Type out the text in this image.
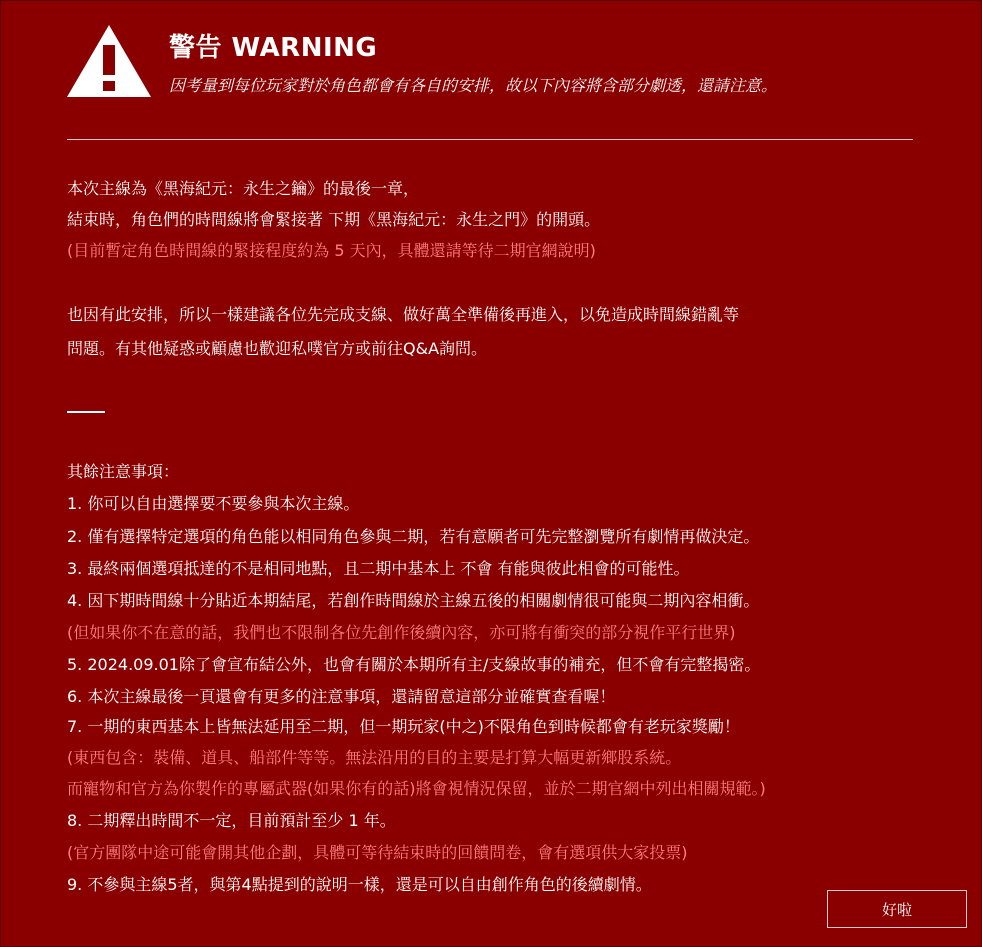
警告 WARNING
因考量到每位玩家對於角色都會有各自的安排，故以下內容將含部分劇透，還請注意。
本次主線為《黑海紀元：永生之鑰》的最後一章，
結束時，角色們的時間線將會緊接著 下期《黑海紀元：永生之門》的開頭。
(目前暫定角色時間線的緊接程度約為 5 天內，具體還請等待二期官網說明)
也因有此安排，所以一樣建議各位先完成支線、做好萬全準備後再進入，以免造成時間線錯亂等
問題。有其他疑惑或顧慮也歡迎私噗官方或前往Q&A詢問。
其餘注意事項：
1. 你可以自由選擇要不要參與本次主線。
2. 僅有選擇特定選項的角色能以相同角色參與二期，若有意願者可先完整瀏覽所有劇情再做決定。
3. 最終兩個選項抵達的不是相同地點，且二期中基本上 不會 有能與彼此相會的可能性。
4. 因下期時間線十分貼近本期結尾，若創作時間線於主線五後的相關劇情很可能與二期內容相衝。
(但如果你不在意的話，我們也不限制各位先創作後續內容，亦可將有衝突的部分視作平行世界)
5. 2024.09.01除了會宣布結公外，也會有關於本期所有主/支線故事的補充，但不會有完整揭密。
6. 本次主線最後一頁還會有更多的注意事項，還請留意這部分並確實查看喔！
7. 一期的東西基本上皆無法延用至二期，但一期玩家(中之)不限角色到時候都會有老玩家獎勵！
(東西包含：裝備、道具、船部件等等。無法沿用的目的主要是打算大幅更新鄉股系統。
而寵物和官方為你製作的專屬武器(如果你有的話)將會視情況保留，並於二期官網中列出相關規範。)
8. 二期釋出時間不一定，目前預計至少 1 年。
(官方團隊中途可能會開其他企劃，具體可等待結束時的回饋問卷，會有選項供大家投票)
9. 不參與主線5者，與第4點提到的說明一樣，還是可以自由創作角色的後續劇情。
好啦
